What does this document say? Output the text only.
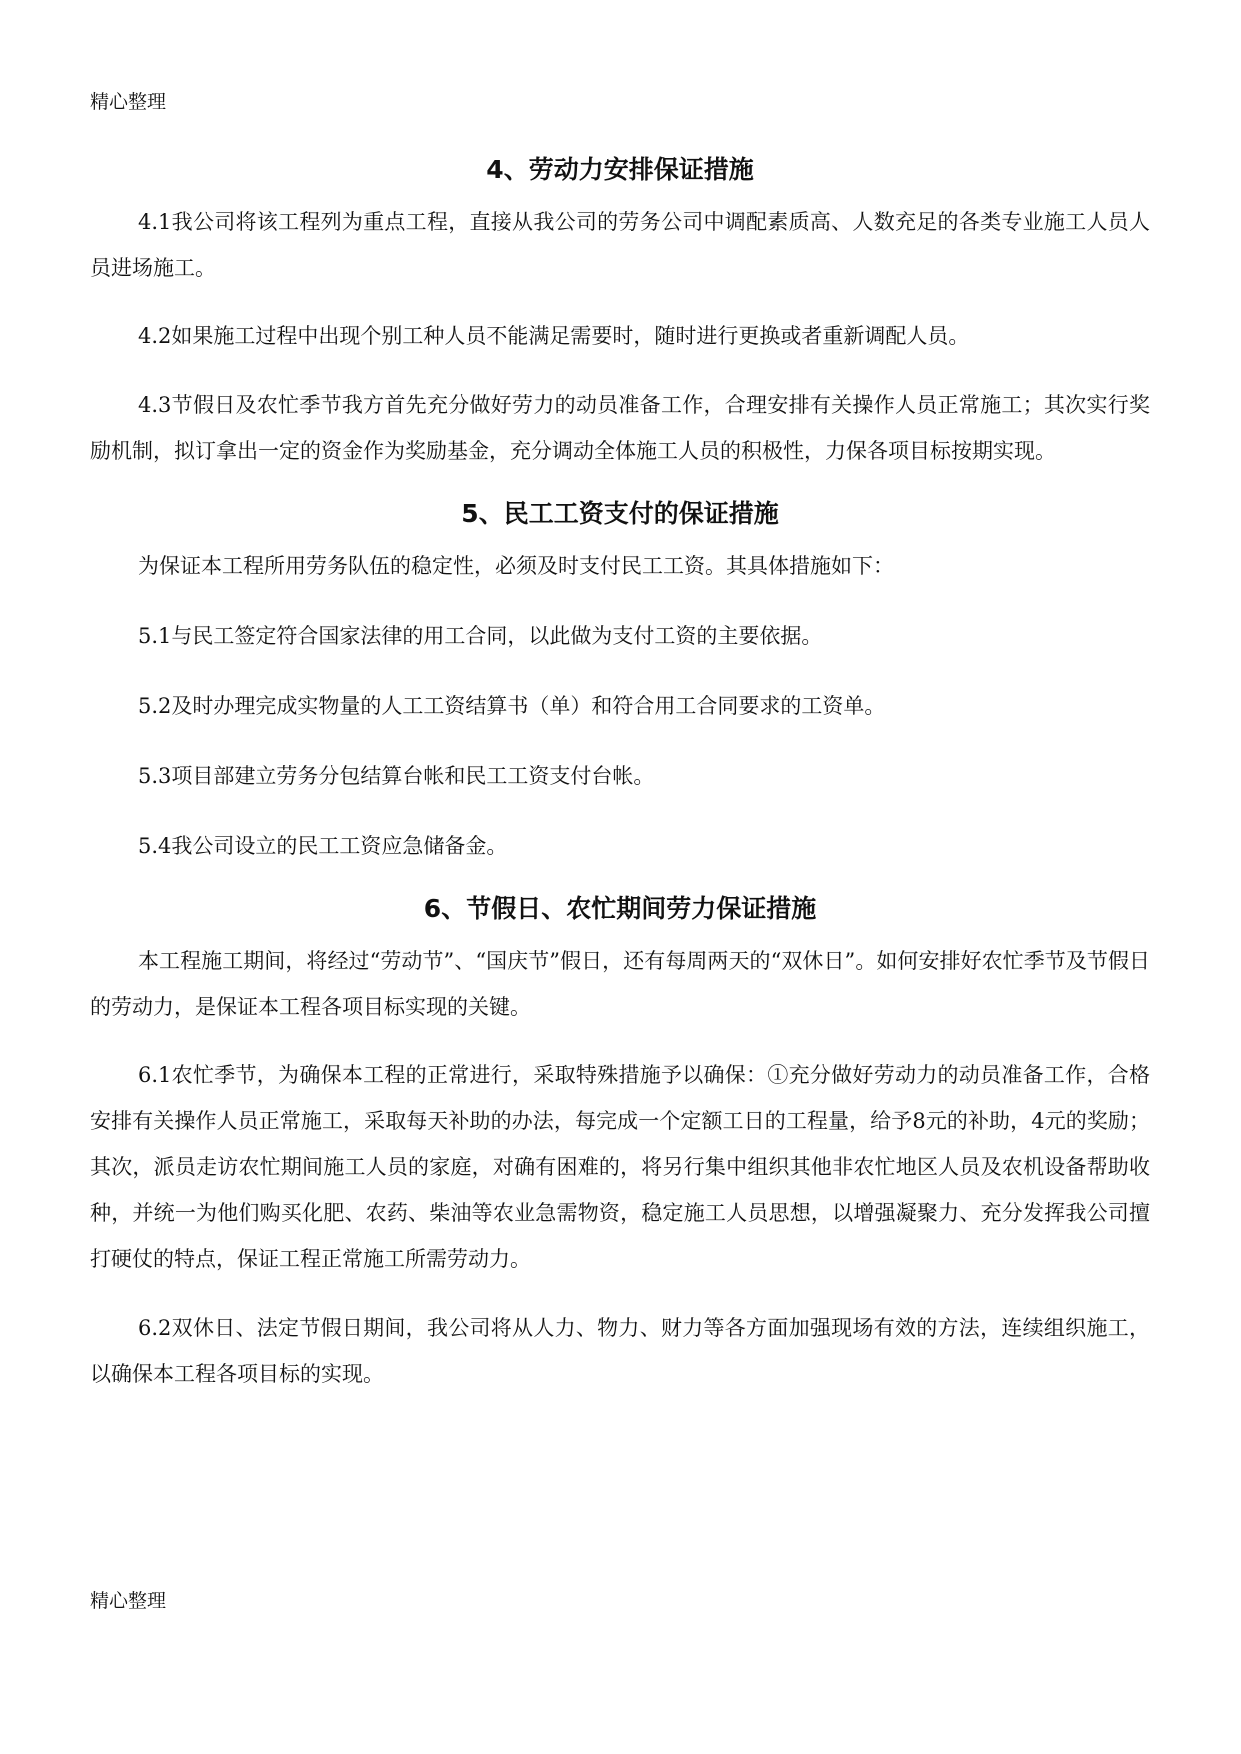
精心整理
4、劳动力安排保证措施

4.1我公司将该工程列为重点工程，直接从我公司的劳务公司中调配素质高、人数充足的各类专业施工人员人员进场施工。

4.2如果施工过程中出现个别工种人员不能满足需要时，随时进行更换或者重新调配人员。

4.3节假日及农忙季节我方首先充分做好劳力的动员准备工作，合理安排有关操作人员正常施工；其次实行奖励机制，拟订拿出一定的资金作为奖励基金，充分调动全体施工人员的积极性，力保各项目标按期实现。

5、民工工资支付的保证措施

为保证本工程所用劳务队伍的稳定性，必须及时支付民工工资。其具体措施如下：

5.1与民工签定符合国家法律的用工合同，以此做为支付工资的主要依据。

5.2及时办理完成实物量的人工工资结算书（单）和符合用工合同要求的工资单。

5.3项目部建立劳务分包结算台帐和民工工资支付台帐。

5.4我公司设立的民工工资应急储备金。

6、节假日、农忙期间劳力保证措施

本工程施工期间，将经过“劳动节”、“国庆节”假日，还有每周两天的“双休日”。如何安排好农忙季节及节假日的劳动力，是保证本工程各项目标实现的关键。

6.1农忙季节，为确保本工程的正常进行，采取特殊措施予以确保：①充分做好劳动力的动员准备工作，合格安排有关操作人员正常施工，采取每天补助的办法，每完成一个定额工日的工程量，给予8元的补助，4元的奖励；其次，派员走访农忙期间施工人员的家庭，对确有困难的，将另行集中组织其他非农忙地区人员及农机设备帮助收种，并统一为他们购买化肥、农药、柴油等农业急需物资，稳定施工人员思想，以增强凝聚力、充分发挥我公司擅打硬仗的特点，保证工程正常施工所需劳动力。

6.2双休日、法定节假日期间，我公司将从人力、物力、财力等各方面加强现场有效的方法，连续组织施工，以确保本工程各项目标的实现。

精心整理
